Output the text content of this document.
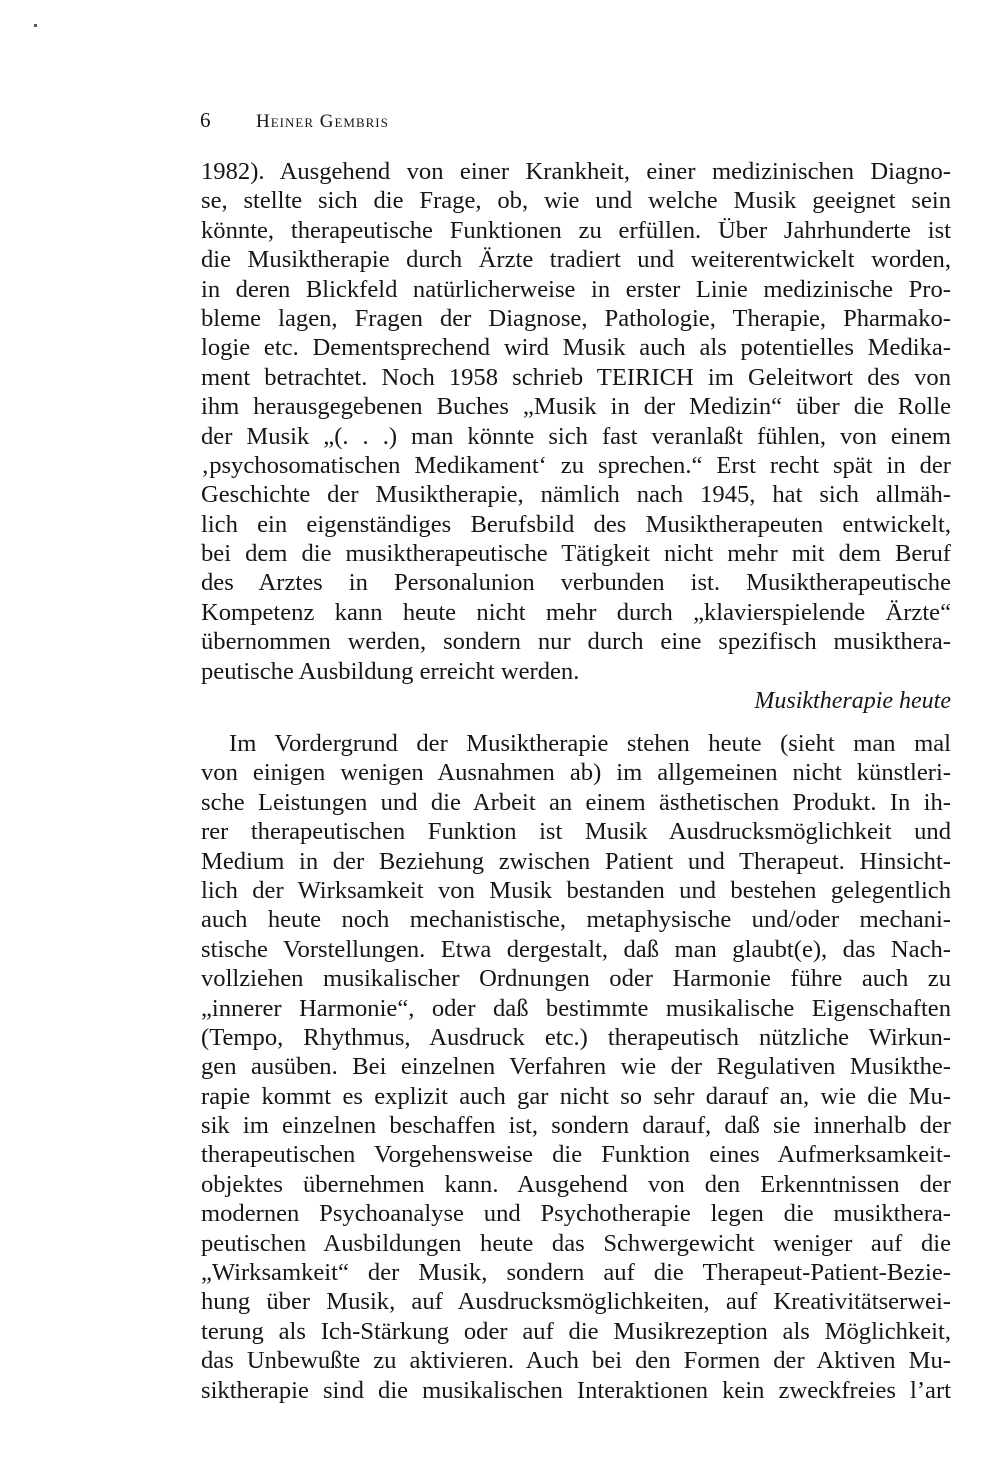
6 Heiner Gembris
1982). Ausgehend von einer Krankheit, einer medizinischen Diagno-
se, stellte sich die Frage, ob, wie und welche Musik geeignet sein
könnte, therapeutische Funktionen zu erfüllen. Über Jahrhunderte ist
die Musiktherapie durch Ärzte tradiert und weiterentwickelt worden,
in deren Blickfeld natürlicherweise in erster Linie medizinische Pro-
bleme lagen, Fragen der Diagnose, Pathologie, Therapie, Pharmako-
logie etc. Dementsprechend wird Musik auch als potentielles Medika-
ment betrachtet. Noch 1958 schrieb TEIRICH im Geleitwort des von
ihm herausgegebenen Buches „Musik in der Medizin“ über die Rolle
der Musik „(. . .) man könnte sich fast veranlaßt fühlen, von einem
‚psychosomatischen Medikament‘ zu sprechen.“ Erst recht spät in der
Geschichte der Musiktherapie, nämlich nach 1945, hat sich allmäh-
lich ein eigenständiges Berufsbild des Musiktherapeuten entwickelt,
bei dem die musiktherapeutische Tätigkeit nicht mehr mit dem Beruf
des Arztes in Personalunion verbunden ist. Musiktherapeutische
Kompetenz kann heute nicht mehr durch „klavierspielende Ärzte“
übernommen werden, sondern nur durch eine spezifisch musikthera-
peutische Ausbildung erreicht werden.
Musiktherapie heute
Im Vordergrund der Musiktherapie stehen heute (sieht man mal
von einigen wenigen Ausnahmen ab) im allgemeinen nicht künstleri-
sche Leistungen und die Arbeit an einem ästhetischen Produkt. In ih-
rer therapeutischen Funktion ist Musik Ausdrucksmöglichkeit und
Medium in der Beziehung zwischen Patient und Therapeut. Hinsicht-
lich der Wirksamkeit von Musik bestanden und bestehen gelegentlich
auch heute noch mechanistische, metaphysische und/oder mechani-
stische Vorstellungen. Etwa dergestalt, daß man glaubt(e), das Nach-
vollziehen musikalischer Ordnungen oder Harmonie führe auch zu
„innerer Harmonie“, oder daß bestimmte musikalische Eigenschaften
(Tempo, Rhythmus, Ausdruck etc.) therapeutisch nützliche Wirkun-
gen ausüben. Bei einzelnen Verfahren wie der Regulativen Musikthe-
rapie kommt es explizit auch gar nicht so sehr darauf an, wie die Mu-
sik im einzelnen beschaffen ist, sondern darauf, daß sie innerhalb der
therapeutischen Vorgehensweise die Funktion eines Aufmerksamkeit-
objektes übernehmen kann. Ausgehend von den Erkenntnissen der
modernen Psychoanalyse und Psychotherapie legen die musikthera-
peutischen Ausbildungen heute das Schwergewicht weniger auf die
„Wirksamkeit“ der Musik, sondern auf die Therapeut-Patient-Bezie-
hung über Musik, auf Ausdrucksmöglichkeiten, auf Kreativitätserwei-
terung als Ich-Stärkung oder auf die Musikrezeption als Möglichkeit,
das Unbewußte zu aktivieren. Auch bei den Formen der Aktiven Mu-
siktherapie sind die musikalischen Interaktionen kein zweckfreies l’art
